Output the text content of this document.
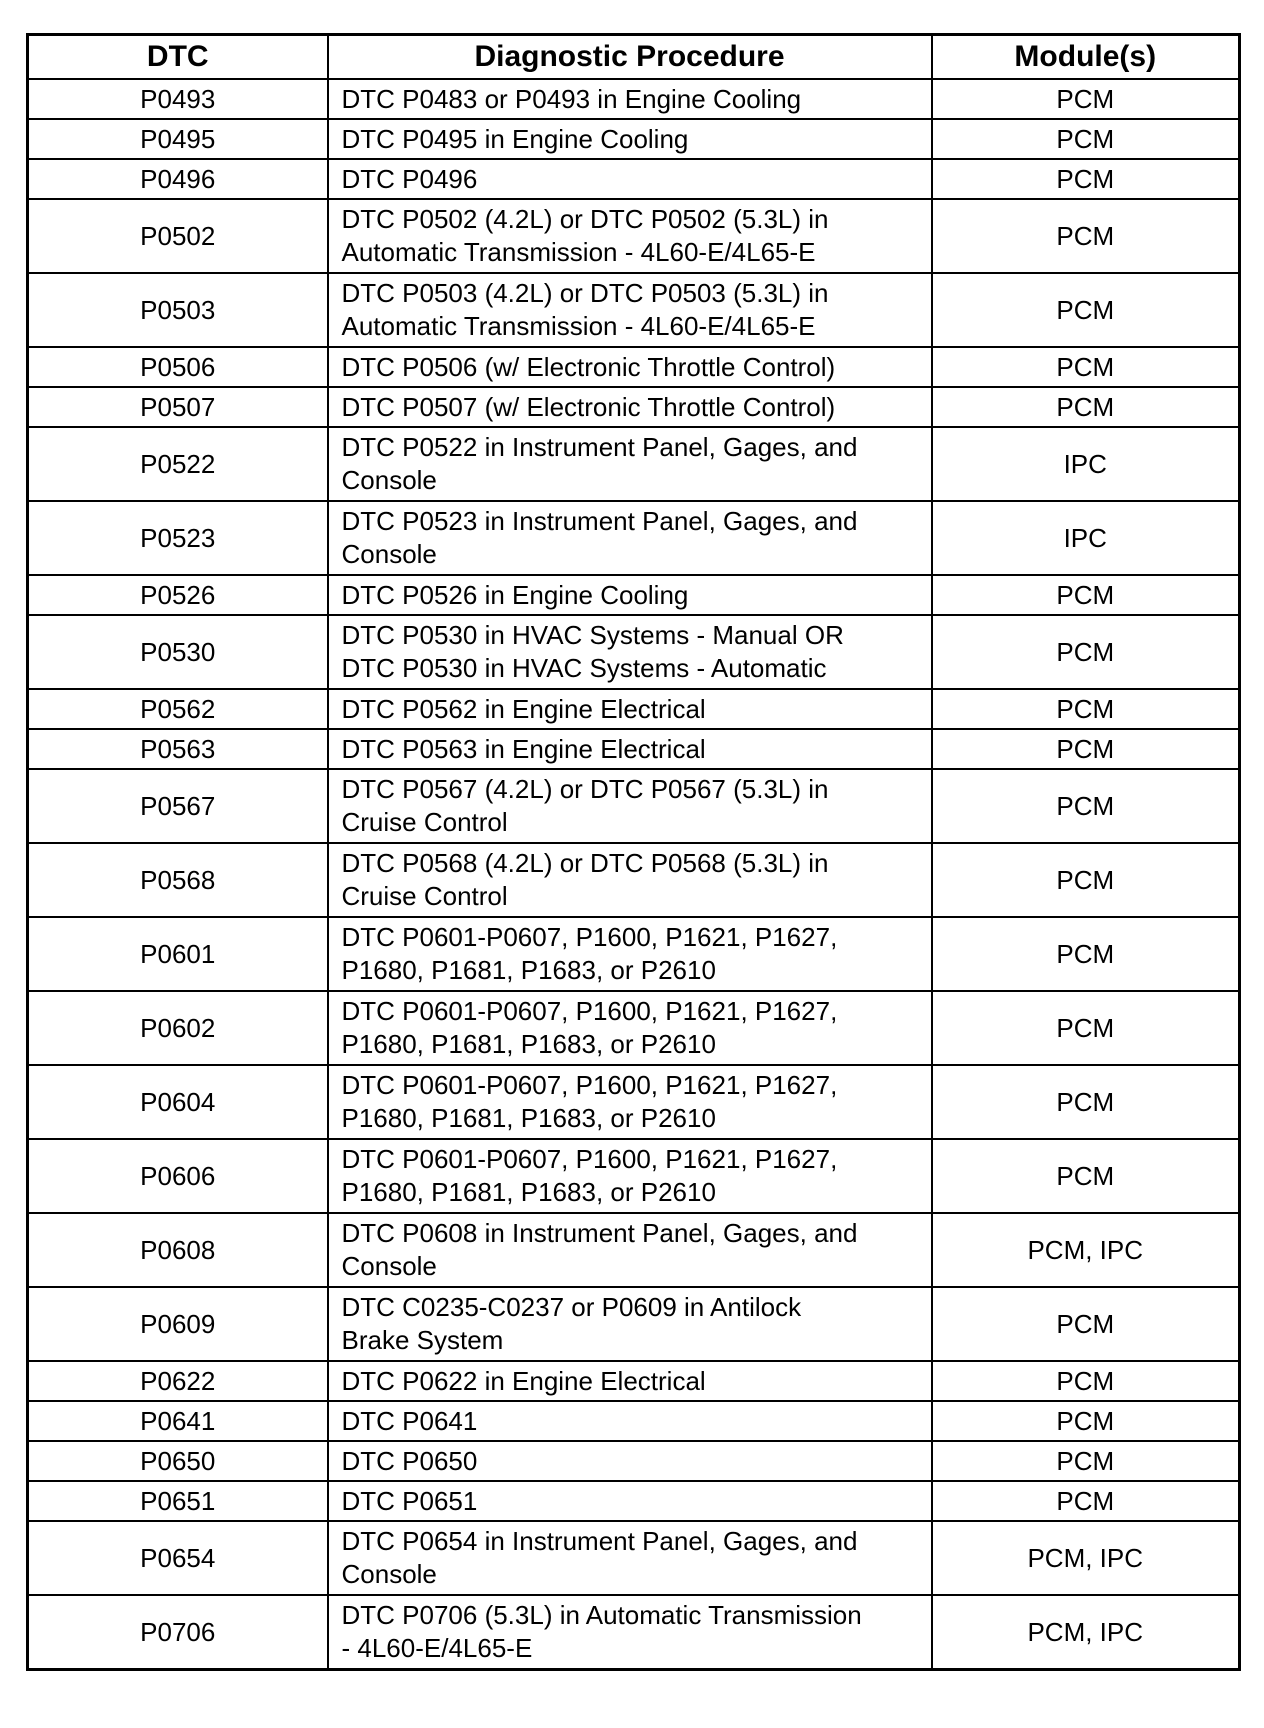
DTC	Diagnostic Procedure	Module(s)
P0493	DTC P0483 or P0493 in Engine Cooling	PCM
P0495	DTC P0495 in Engine Cooling	PCM
P0496	DTC P0496	PCM
P0502	DTC P0502 (4.2L) or DTC P0502 (5.3L) in
Automatic Transmission - 4L60-E/4L65-E	PCM
P0503	DTC P0503 (4.2L) or DTC P0503 (5.3L) in
Automatic Transmission - 4L60-E/4L65-E	PCM
P0506	DTC P0506 (w/ Electronic Throttle Control)	PCM
P0507	DTC P0507 (w/ Electronic Throttle Control)	PCM
P0522	DTC P0522 in Instrument Panel, Gages, and
Console	IPC
P0523	DTC P0523 in Instrument Panel, Gages, and
Console	IPC
P0526	DTC P0526 in Engine Cooling	PCM
P0530	DTC P0530 in HVAC Systems - Manual OR
DTC P0530 in HVAC Systems - Automatic	PCM
P0562	DTC P0562 in Engine Electrical	PCM
P0563	DTC P0563 in Engine Electrical	PCM
P0567	DTC P0567 (4.2L) or DTC P0567 (5.3L) in
Cruise Control	PCM
P0568	DTC P0568 (4.2L) or DTC P0568 (5.3L) in
Cruise Control	PCM
P0601	DTC P0601-P0607, P1600, P1621, P1627,
P1680, P1681, P1683, or P2610	PCM
P0602	DTC P0601-P0607, P1600, P1621, P1627,
P1680, P1681, P1683, or P2610	PCM
P0604	DTC P0601-P0607, P1600, P1621, P1627,
P1680, P1681, P1683, or P2610	PCM
P0606	DTC P0601-P0607, P1600, P1621, P1627,
P1680, P1681, P1683, or P2610	PCM
P0608	DTC P0608 in Instrument Panel, Gages, and
Console	PCM, IPC
P0609	DTC C0235-C0237 or P0609 in Antilock
Brake System	PCM
P0622	DTC P0622 in Engine Electrical	PCM
P0641	DTC P0641	PCM
P0650	DTC P0650	PCM
P0651	DTC P0651	PCM
P0654	DTC P0654 in Instrument Panel, Gages, and
Console	PCM, IPC
P0706	DTC P0706 (5.3L) in Automatic Transmission
- 4L60-E/4L65-E	PCM, IPC
